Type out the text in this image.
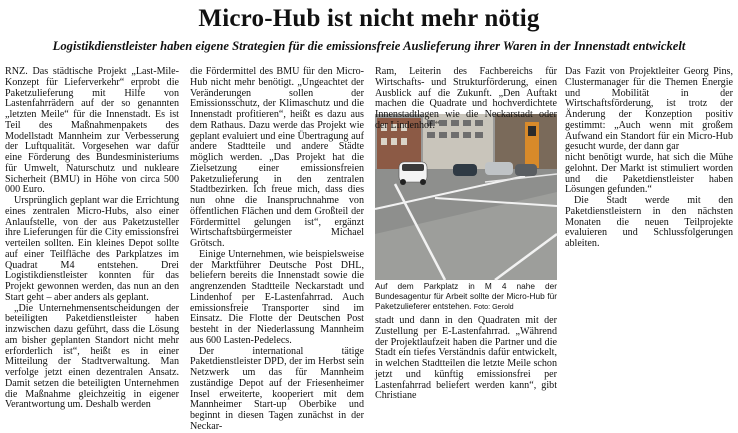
Micro-Hub ist nicht mehr nötig
Logistikdienstleister haben eigene Strategien für die emissionsfreie Auslieferung ihrer Waren in der Innenstadt entwickelt

RNZ. Das städtische Projekt „Last-Mile-Konzept für Lieferverkehr“ erprobt die Paketzulieferung mit Hilfe von Lastenfahrrädern auf der so genannten „letzten Meile“ für die Innenstadt. Es ist Teil des Maßnahmenpakets des Modellstadt Mannheim zur Verbesserung der Luftqualität. Vorgesehen war dafür eine Förderung des Bundesministeriums für Umwelt, Naturschutz und nukleare Sicherheit (BMU) in Höhe von circa 500 000 Euro.

Ursprünglich geplant war die Errichtung eines zentralen Micro-Hubs, also einer Anlaufstelle, von der aus Paketzusteller ihre Lieferungen für die City emissionsfrei verteilen sollten. Ein kleines Depot sollte auf einer Teilfläche des Parkplatzes im Quadrat M4 entstehen. Drei Logistikdienstleister konnten für das Projekt gewonnen werden, das nun an den Start geht – aber anders als geplant.

„Die Unternehmensentscheidungen der beteiligten Paketdienstleister haben inzwischen dazu geführt, dass die Lösung am bisher geplanten Standort nicht mehr erforderlich ist“, heißt es in einer Mitteilung der Stadtverwaltung. Man verfolge jetzt einen dezentralen Ansatz. Damit setzen die beteiligten Unternehmen die Maßnahme gleichzeitig in eigener Verantwortung um. Deshalb werden

die Fördermittel des BMU für den Micro-Hub nicht mehr benötigt. „Ungeachtet der Veränderungen sollen der Emissionsschutz, der Klimaschutz und die Innenstadt profitieren“, heißt es dazu aus dem Rathaus. Dazu werde das Projekt wie geplant evaluiert und eine Übertragung auf andere Stadtteile und andere Städte möglich werden. „Das Projekt hat die Zielsetzung einer emissionsfreien Paketzulieferung in den zentralen Stadtbezirken. Ich freue mich, dass dies nun ohne die Inanspruchnahme von öffentlichen Flächen und dem Großteil der Fördermittel gelungen ist“, ergänzt Wirtschaftsbürgermeister Michael Grötsch.

Einige Unternehmen, wie beispielsweise der Marktführer Deutsche Post DHL, beliefern bereits die Innenstadt sowie die angrenzenden Stadtteile Neckarstadt und Lindenhof per E-Lastenfahrrad. Auch emissionsfreie Transporter sind im Einsatz. Die Flotte der Deutschen Post besteht in der Niederlassung Mannheim aus 600 Lasten-Pedelecs.

Der international tätige Paketdienstleister DPD, der im Herbst sein Netzwerk um das für Mannheim zuständige Depot auf der Friesenheimer Insel erweiterte, kooperiert mit dem Mannheimer Start-up Oberbike und beginnt in diesen Tagen zunächst in der Neckar-

Auf dem Parkplatz in M 4 nahe der Bundesagentur für Arbeit sollte der Micro-Hub für Paketzulieferer entstehen. Foto: Gerold

stadt und dann in den Quadraten mit der Zustellung per E-Lastenfahrrad. „Während der Projektlaufzeit haben die Partner und die Stadt ein tiefes Verständnis dafür entwickelt, in welchen Stadtteilen die letzte Meile schon jetzt und künftig emissionsfrei per Lastenfahrrad beliefert werden kann“, gibt Christiane

Ram, Leiterin des Fachbereichs für Wirtschafts- und Strukturförderung, einen Ausblick auf die Zukunft. „Den Auftakt machen die Quadrate und hochverdichtete Innenstadtlagen wie die Neckarstadt oder der Lindenhof.“

Das Fazit von Projektleiter Georg Pins, Clustermanager für die Themen Energie und Mobilität in der Wirtschaftsförderung, ist trotz der Änderung der Konzeption positiv gestimmt: „Auch wenn mit großem Aufwand ein Standort für ein Micro-Hub gesucht wurde, der dann gar

nicht benötigt wurde, hat sich die Mühe gelohnt. Der Markt ist stimuliert worden und die Paketdienstleister haben Lösungen gefunden.“

Die Stadt werde mit den Paketdienstleistern in den nächsten Monaten die neuen Teilprojekte evaluieren und Schlussfolgerungen ableiten.
